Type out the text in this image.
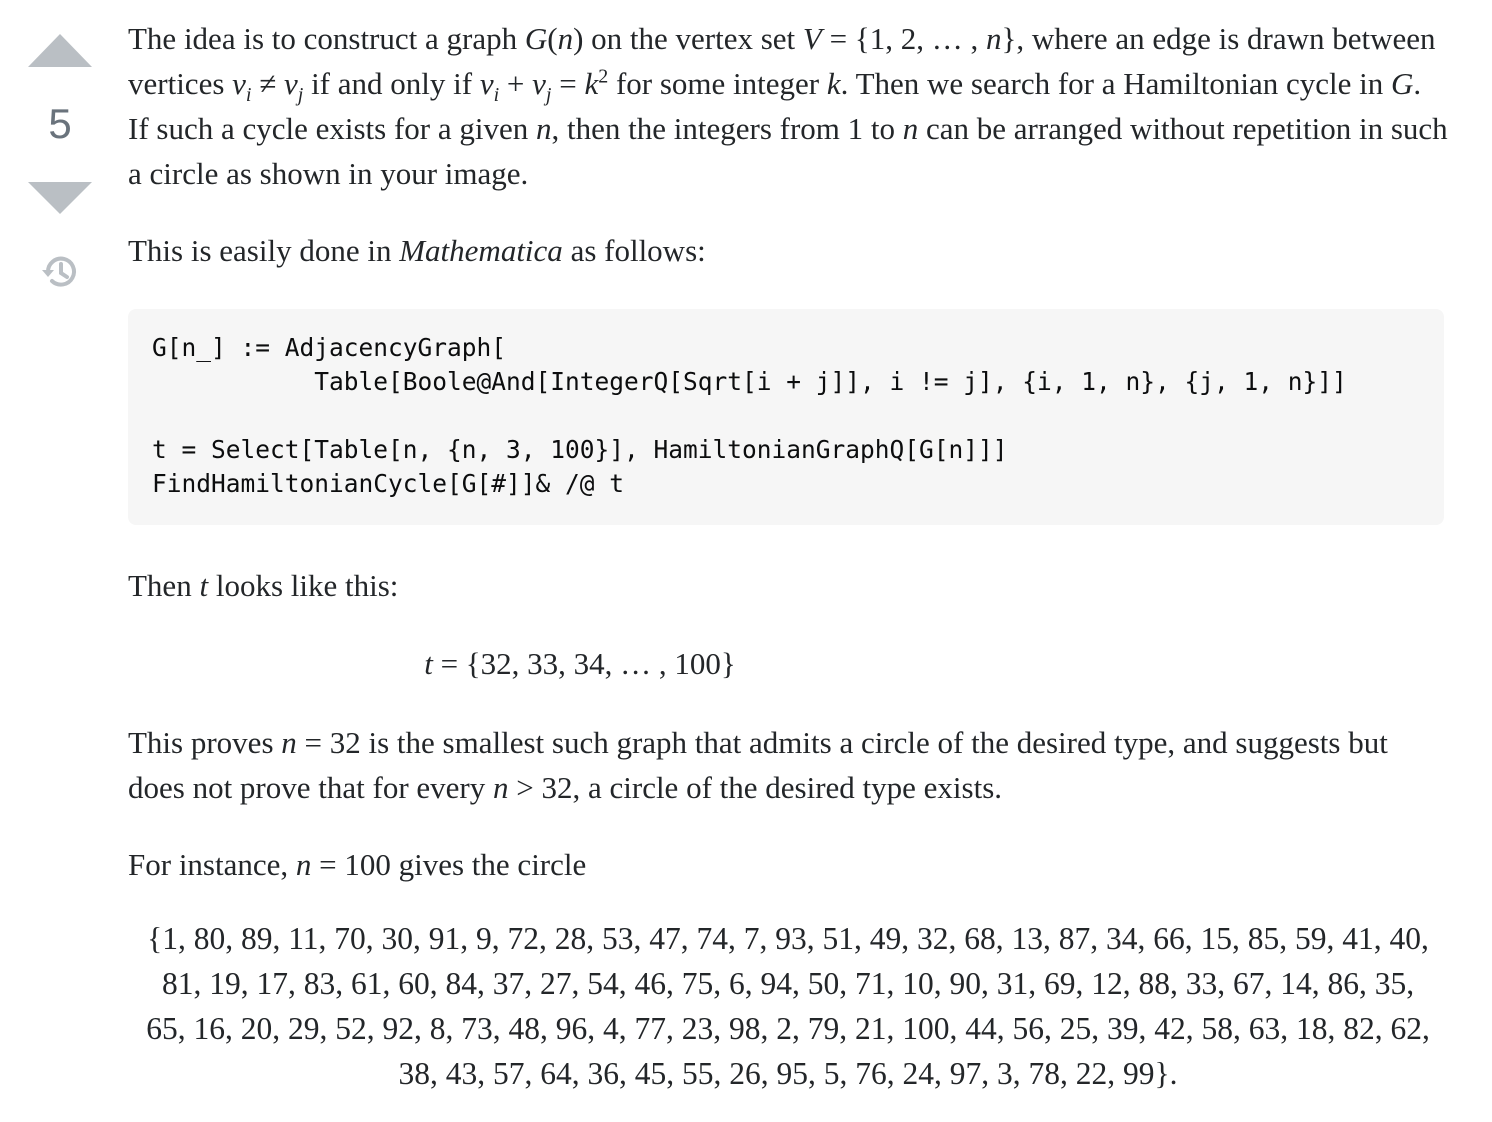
5

The idea is to construct a graph G(n) on the vertex set V = {1, 2, … , n}, where an edge is drawn between vertices $v_i \ne v_j$ if and only if $v_i + v_j = k^2$ for some integer k. Then we search for a Hamiltonian cycle in G. If such a cycle exists for a given n, then the integers from 1 to n can be arranged without repetition in such a circle as shown in your image.

This is easily done in Mathematica as follows:
G[n_] := AdjacencyGraph[
Table[Boole@And[IntegerQ[Sqrt[i + j]], i != j], {i, 1, n}, {j, 1, n}]]

t = Select[Table[n, {n, 3, 100}], HamiltonianGraphQ[G[n]]]
FindHamiltonianCycle[G[#]]& /@ t
Then t looks like this:
t = {32, 33, 34, … , 100}
This proves n = 32 is the smallest such graph that admits a circle of the desired type, and suggests but does not prove that for every n > 32, a circle of the desired type exists.
For instance, n = 100 gives the circle
{1, 80, 89, 11, 70, 30, 91, 9, 72, 28, 53, 47, 74, 7, 93, 51, 49, 32, 68, 13, 87, 34, 66, 15, 85, 59, 41, 40,
81, 19, 17, 83, 61, 60, 84, 37, 27, 54, 46, 75, 6, 94, 50, 71, 10, 90, 31, 69, 12, 88, 33, 67, 14, 86, 35,
65, 16, 20, 29, 52, 92, 8, 73, 48, 96, 4, 77, 23, 98, 2, 79, 21, 100, 44, 56, 25, 39, 42, 58, 63, 18, 82, 62,
38, 43, 57, 64, 36, 45, 55, 26, 95, 5, 76, 24, 97, 3, 78, 22, 99}.
